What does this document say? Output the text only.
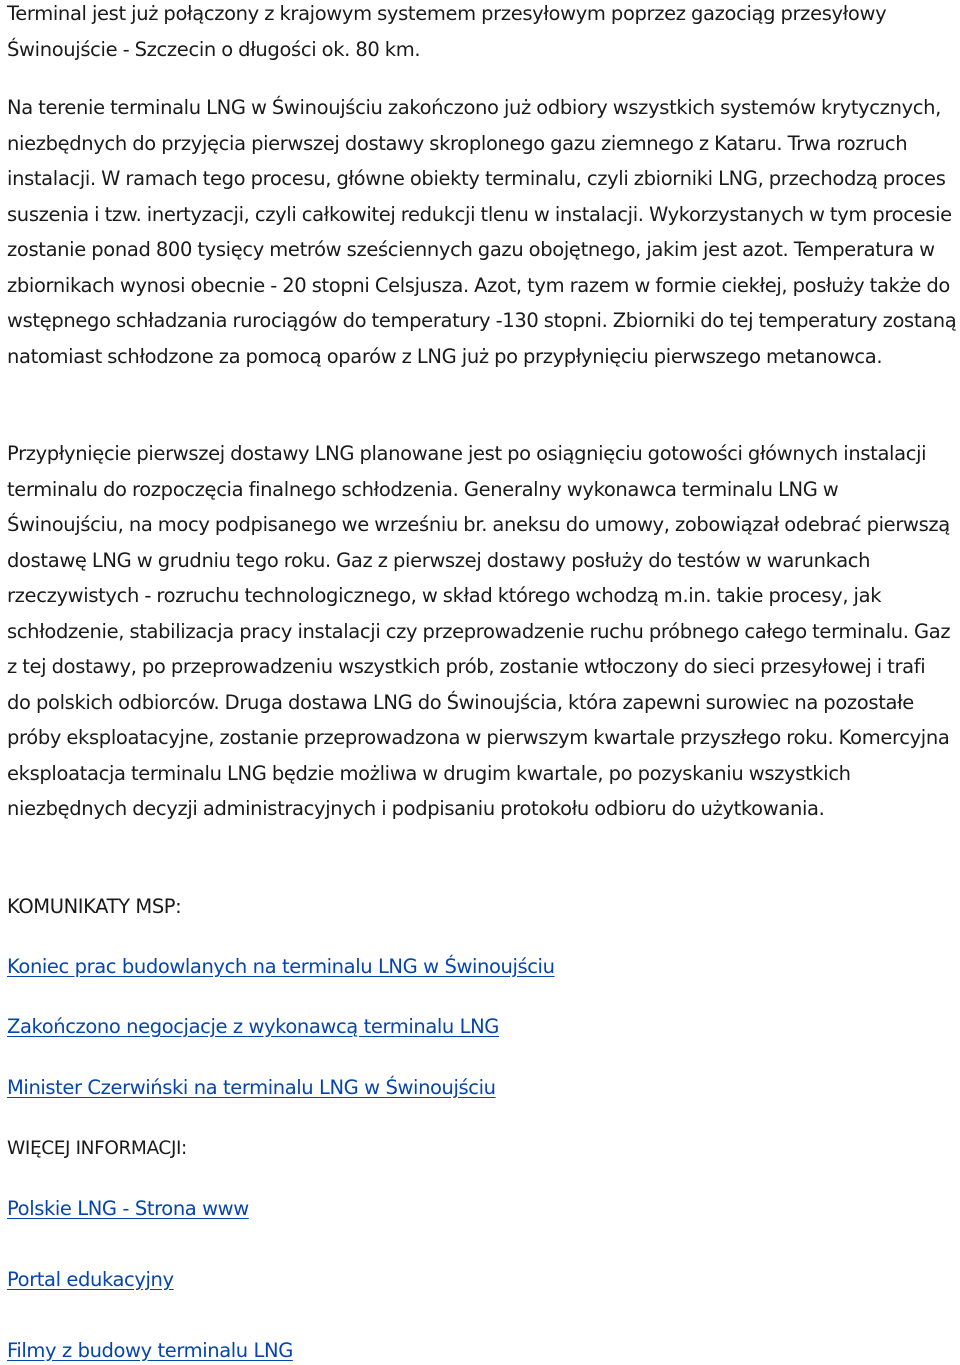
Terminal jest już połączony z krajowym systemem przesyłowym poprzez gazociąg przesyłowy Świnoujście - Szczecin o długości ok. 80 km.

Na terenie terminalu LNG w Świnoujściu zakończono już odbiory wszystkich systemów krytycznych, niezbędnych do przyjęcia pierwszej dostawy skroplonego gazu ziemnego z Kataru. Trwa rozruch instalacji. W ramach tego procesu, główne obiekty terminalu, czyli zbiorniki LNG, przechodzą proces suszenia i tzw. inertyzacji, czyli całkowitej redukcji tlenu w instalacji. Wykorzystanych w tym procesie zostanie ponad 800 tysięcy metrów sześciennych gazu obojętnego, jakim jest azot. Temperatura w zbiornikach wynosi obecnie - 20 stopni Celsjusza. Azot, tym razem w formie ciekłej, posłuży także do wstępnego schładzania rurociągów do temperatury -130 stopni. Zbiorniki do tej temperatury zostaną natomiast schłodzone za pomocą oparów z LNG już po przypłynięciu pierwszego metanowca.

Przypłynięcie pierwszej dostawy LNG planowane jest po osiągnięciu gotowości głównych instalacji terminalu do rozpoczęcia finalnego schłodzenia. Generalny wykonawca terminalu LNG w Świnoujściu, na mocy podpisanego we wrześniu br. aneksu do umowy, zobowiązał odebrać pierwszą dostawę LNG w grudniu tego roku. Gaz z pierwszej dostawy posłuży do testów w warunkach rzeczywistych - rozruchu technologicznego, w skład którego wchodzą m.in. takie procesy, jak schłodzenie, stabilizacja pracy instalacji czy przeprowadzenie ruchu próbnego całego terminalu. Gaz z tej dostawy, po przeprowadzeniu wszystkich prób, zostanie wtłoczony do sieci przesyłowej i trafi do polskich odbiorców. Druga dostawa LNG do Świnoujścia, która zapewni surowiec na pozostałe próby eksploatacyjne, zostanie przeprowadzona w pierwszym kwartale przyszłego roku. Komercyjna eksploatacja terminalu LNG będzie możliwa w drugim kwartale, po pozyskaniu wszystkich niezbędnych decyzji administracyjnych i podpisaniu protokołu odbioru do użytkowania.

KOMUNIKATY MSP:

Koniec prac budowlanych na terminalu LNG w Świnoujściu
Zakończono negocjacje z wykonawcą terminalu LNG
Minister Czerwiński na terminalu LNG w Świnoujściu

WIĘCEJ INFORMACJI:

Polskie LNG - Strona www
Portal edukacyjny
Filmy z budowy terminalu LNG
